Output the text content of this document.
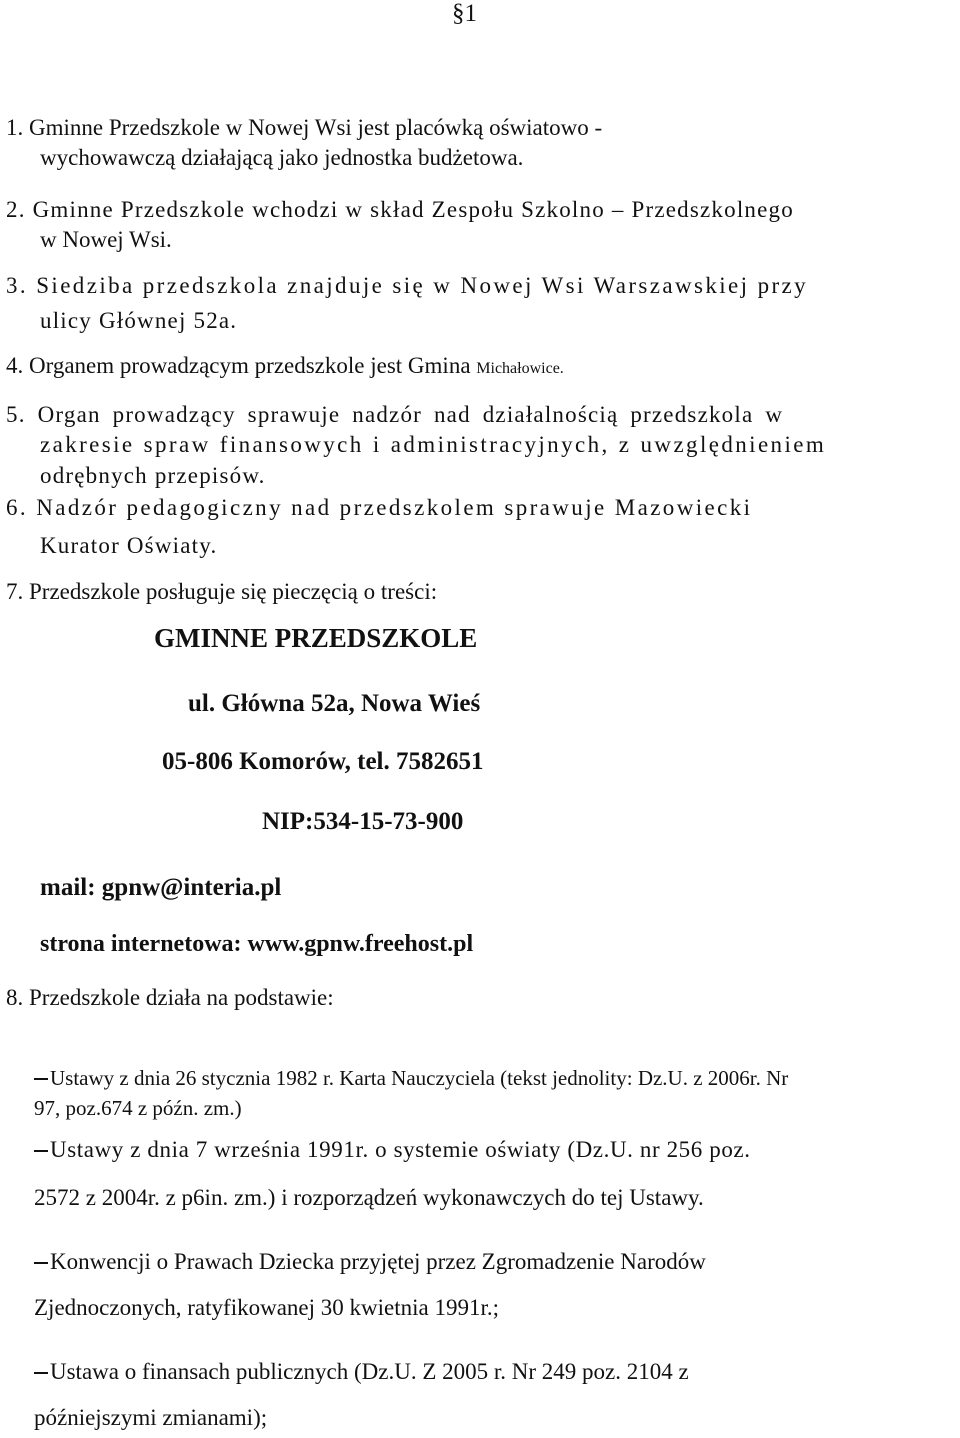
§1
1. Gminne Przedszkole w Nowej Wsi jest placówką oświatowo -
wychowawczą działającą jako jednostka budżetowa.
2. Gminne Przedszkole wchodzi w skład Zespołu Szkolno – Przedszkolnego
w Nowej Wsi.
3. Siedziba przedszkola znajduje się w Nowej Wsi Warszawskiej przy
ulicy Głównej 52a.
4. Organem prowadzącym przedszkole jest Gmina Michałowice.
5. Organ prowadzący sprawuje nadzór nad działalnością przedszkola w
zakresie spraw finansowych i administracyjnych, z uwzględnieniem
odrębnych przepisów.
6. Nadzór pedagogiczny nad przedszkolem sprawuje Mazowiecki
Kurator Oświaty.
7. Przedszkole posługuje się pieczęcią o treści:
GMINNE PRZEDSZKOLE
ul. Główna 52a, Nowa Wieś
05-806 Komorów, tel. 7582651
NIP:534-15-73-900
mail: gpnw@interia.pl
strona internetowa: www.gpnw.freehost.pl
8. Przedszkole działa na podstawie:
Ustawy z dnia 26 stycznia 1982 r. Karta Nauczyciela (tekst jednolity: Dz.U. z 2006r. Nr
97, poz.674 z późn. zm.)
Ustawy z dnia 7 września 1991r. o systemie oświaty (Dz.U. nr 256 poz.
2572 z 2004r. z p6in. zm.) i rozporządzeń wykonawczych do tej Ustawy.
Konwencji o Prawach Dziecka przyjętej przez Zgromadzenie Narodów
Zjednoczonych, ratyfikowanej 30 kwietnia 1991r.;
Ustawa o finansach publicznych (Dz.U. Z 2005 r. Nr 249 poz. 2104 z
późniejszymi zmianami);
